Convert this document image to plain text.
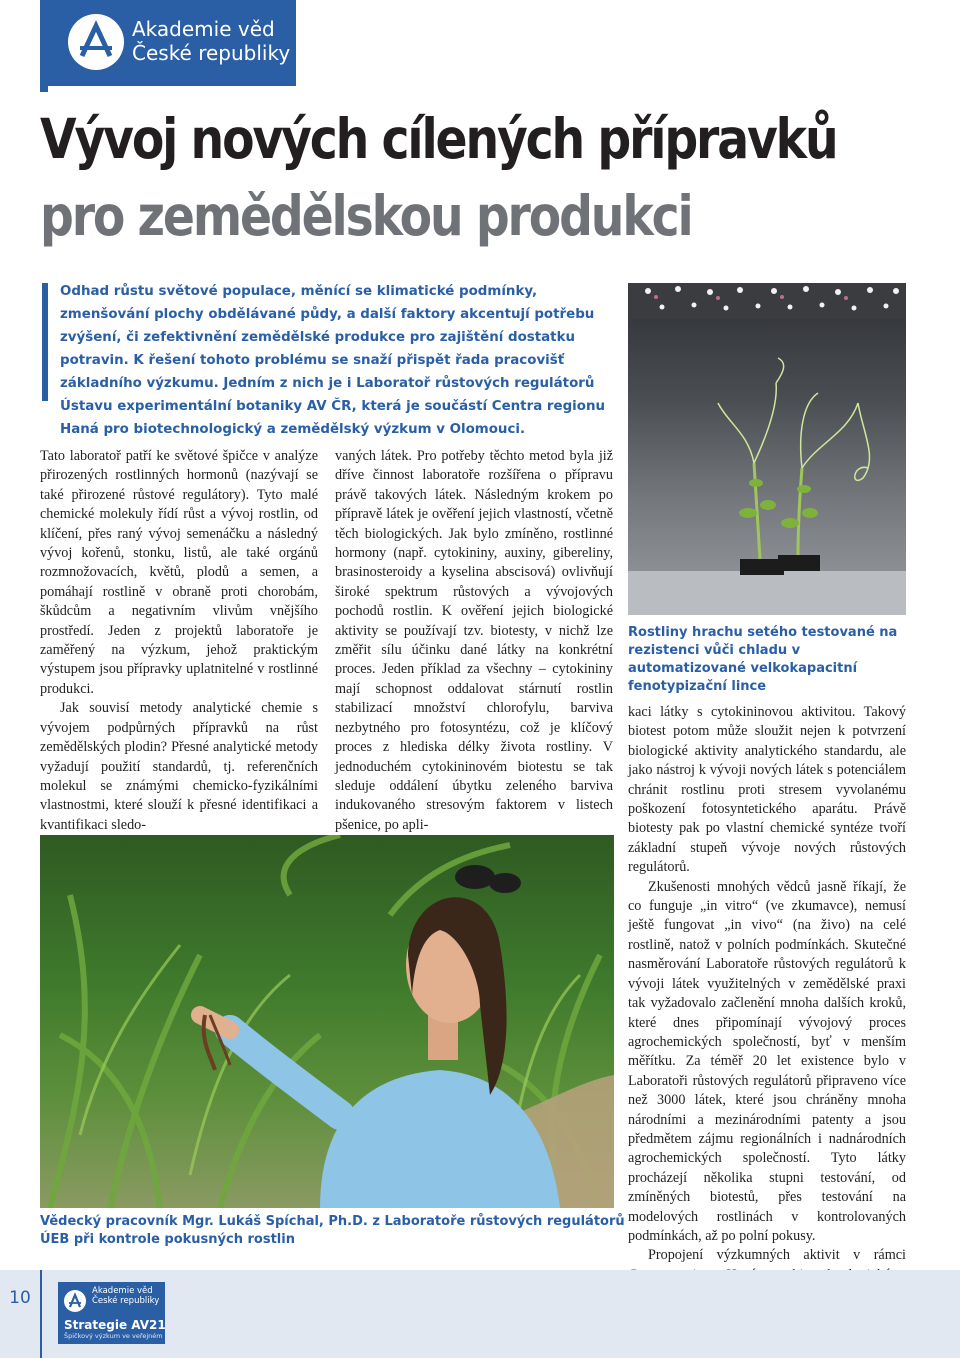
Akademie věd
České republiky
Vývoj nových cílených přípravků
pro zemědělskou produkci
Odhad růstu světové populace, měnící se klimatické podmínky, zmenšování plochy obdělávané půdy, a další faktory akcentují potřebu zvýšení, či zefektivnění zemědělské produkce pro zajištění dostatku potravin. K řešení tohoto problému se snaží přispět řada pracovišť základního výzkumu. Jedním z nich je i Laboratoř růstových regulátorů Ústavu experimentální botaniky AV ČR, která je součástí Centra regionu Haná pro biotechnologický a zemědělský výzkum v Olomouci.
Rostliny hrachu setého testované na rezistenci vůči chladu v automatizované velkokapacitní fenotypizační lince

Tato laboratoř patří ke světové špičce v analýze přirozených rostlinných hormonů (nazývají se také přirozené růstové regulátory). Tyto malé chemické molekuly řídí růst a vývoj rostlin, od klíčení, přes raný vývoj semenáčku a následný vývoj kořenů, stonku, listů, ale také orgánů rozmnožovacích, květů, plodů a semen, a pomáhají rostlině v obraně proti chorobám, škůdcům a negativním vlivům vnějšího prostředí. Jeden z projektů laboratoře je zaměřený na výzkum, jehož praktickým výstupem jsou přípravky uplatnitelné v rostlinné produkci.

Jak souvisí metody analytické chemie s vývojem podpůrných přípravků na růst zemědělských plodin? Přesné analytické metody vyžadují použití standardů, tj. referenčních molekul se známými chemicko-fyzikálními vlastnostmi, které slouží k přesné identifikaci a kvantifikaci sledo-

vaných látek. Pro potřeby těchto metod byla již dříve činnost laboratoře rozšířena o přípravu právě takových látek. Následným krokem po přípravě látek je ověření jejich vlastností, včetně těch biologických. Jak bylo zmíněno, rostlinné hormony (např. cytokininy, auxiny, gibereliny, brasinosteroidy a kyselina abscisová) ovlivňují široké spektrum růstových a vývojových pochodů rostlin. K ověření jejich biologické aktivity se používají tzv. biotesty, v nichž lze změřit sílu účinku dané látky na konkrétní proces. Jeden příklad za všechny – cytokininy mají schopnost oddalovat stárnutí rostlin stabilizací množství chlorofylu, barviva nezbytného pro fotosyntézu, což je klíčový proces z hlediska délky života rostliny. V jednoduchém cytokininovém biotestu se tak sleduje oddálení úbytku zeleného barviva indukovaného stresovým faktorem v listech pšenice, po apli-

kaci látky s cytokininovou aktivitou. Takový biotest potom může sloužit nejen k potvrzení biologické aktivity analytického standardu, ale jako nástroj k vývoji nových látek s potenciálem chránit rostlinu proti stresem vyvolanému poškození fotosyntetického aparátu. Právě biotesty pak po vlastní chemické syntéze tvoří základní stupeň vývoje nových růstových regulátorů.

Zkušenosti mnohých vědců jasně říkají, že co funguje „in vitro“ (ve zkumavce), nemusí ještě fungovat „in vivo“ (na živo) na celé rostlině, natož v polních podmínkách. Skutečné nasměrování Laboratoře růstových regulátorů k vývoji látek využitelných v zemědělské praxi tak vyžadovalo začlenění mnoha dalších kroků, které dnes připomínají vývojový proces agrochemických společností, byť v menším měřítku. Za téměř 20 let existence bylo v Laboratoři růstových regulátorů připraveno více než 3000 látek, které jsou chráněny mnoha národními a mezinárodními patenty a jsou předmětem zájmu regionálních i nadnárodních agrochemických společností. Tyto látky procházejí několika stupni testování, od zmíněných biotestů, přes testování na modelových rostlinách v kontrolovaných podmínkách, až po polní pokusy.

Propojení výzkumných aktivit v rámci

Vědecký pracovník Mgr. Lukáš Spíchal, Ph.D. z Laboratoře růstových regulátorů ÚEB při kontrole pokusných rostlin
10	Akademie věd
České republiky
Strategie AV21
Špičkový výzkum ve veřejném zájmu
